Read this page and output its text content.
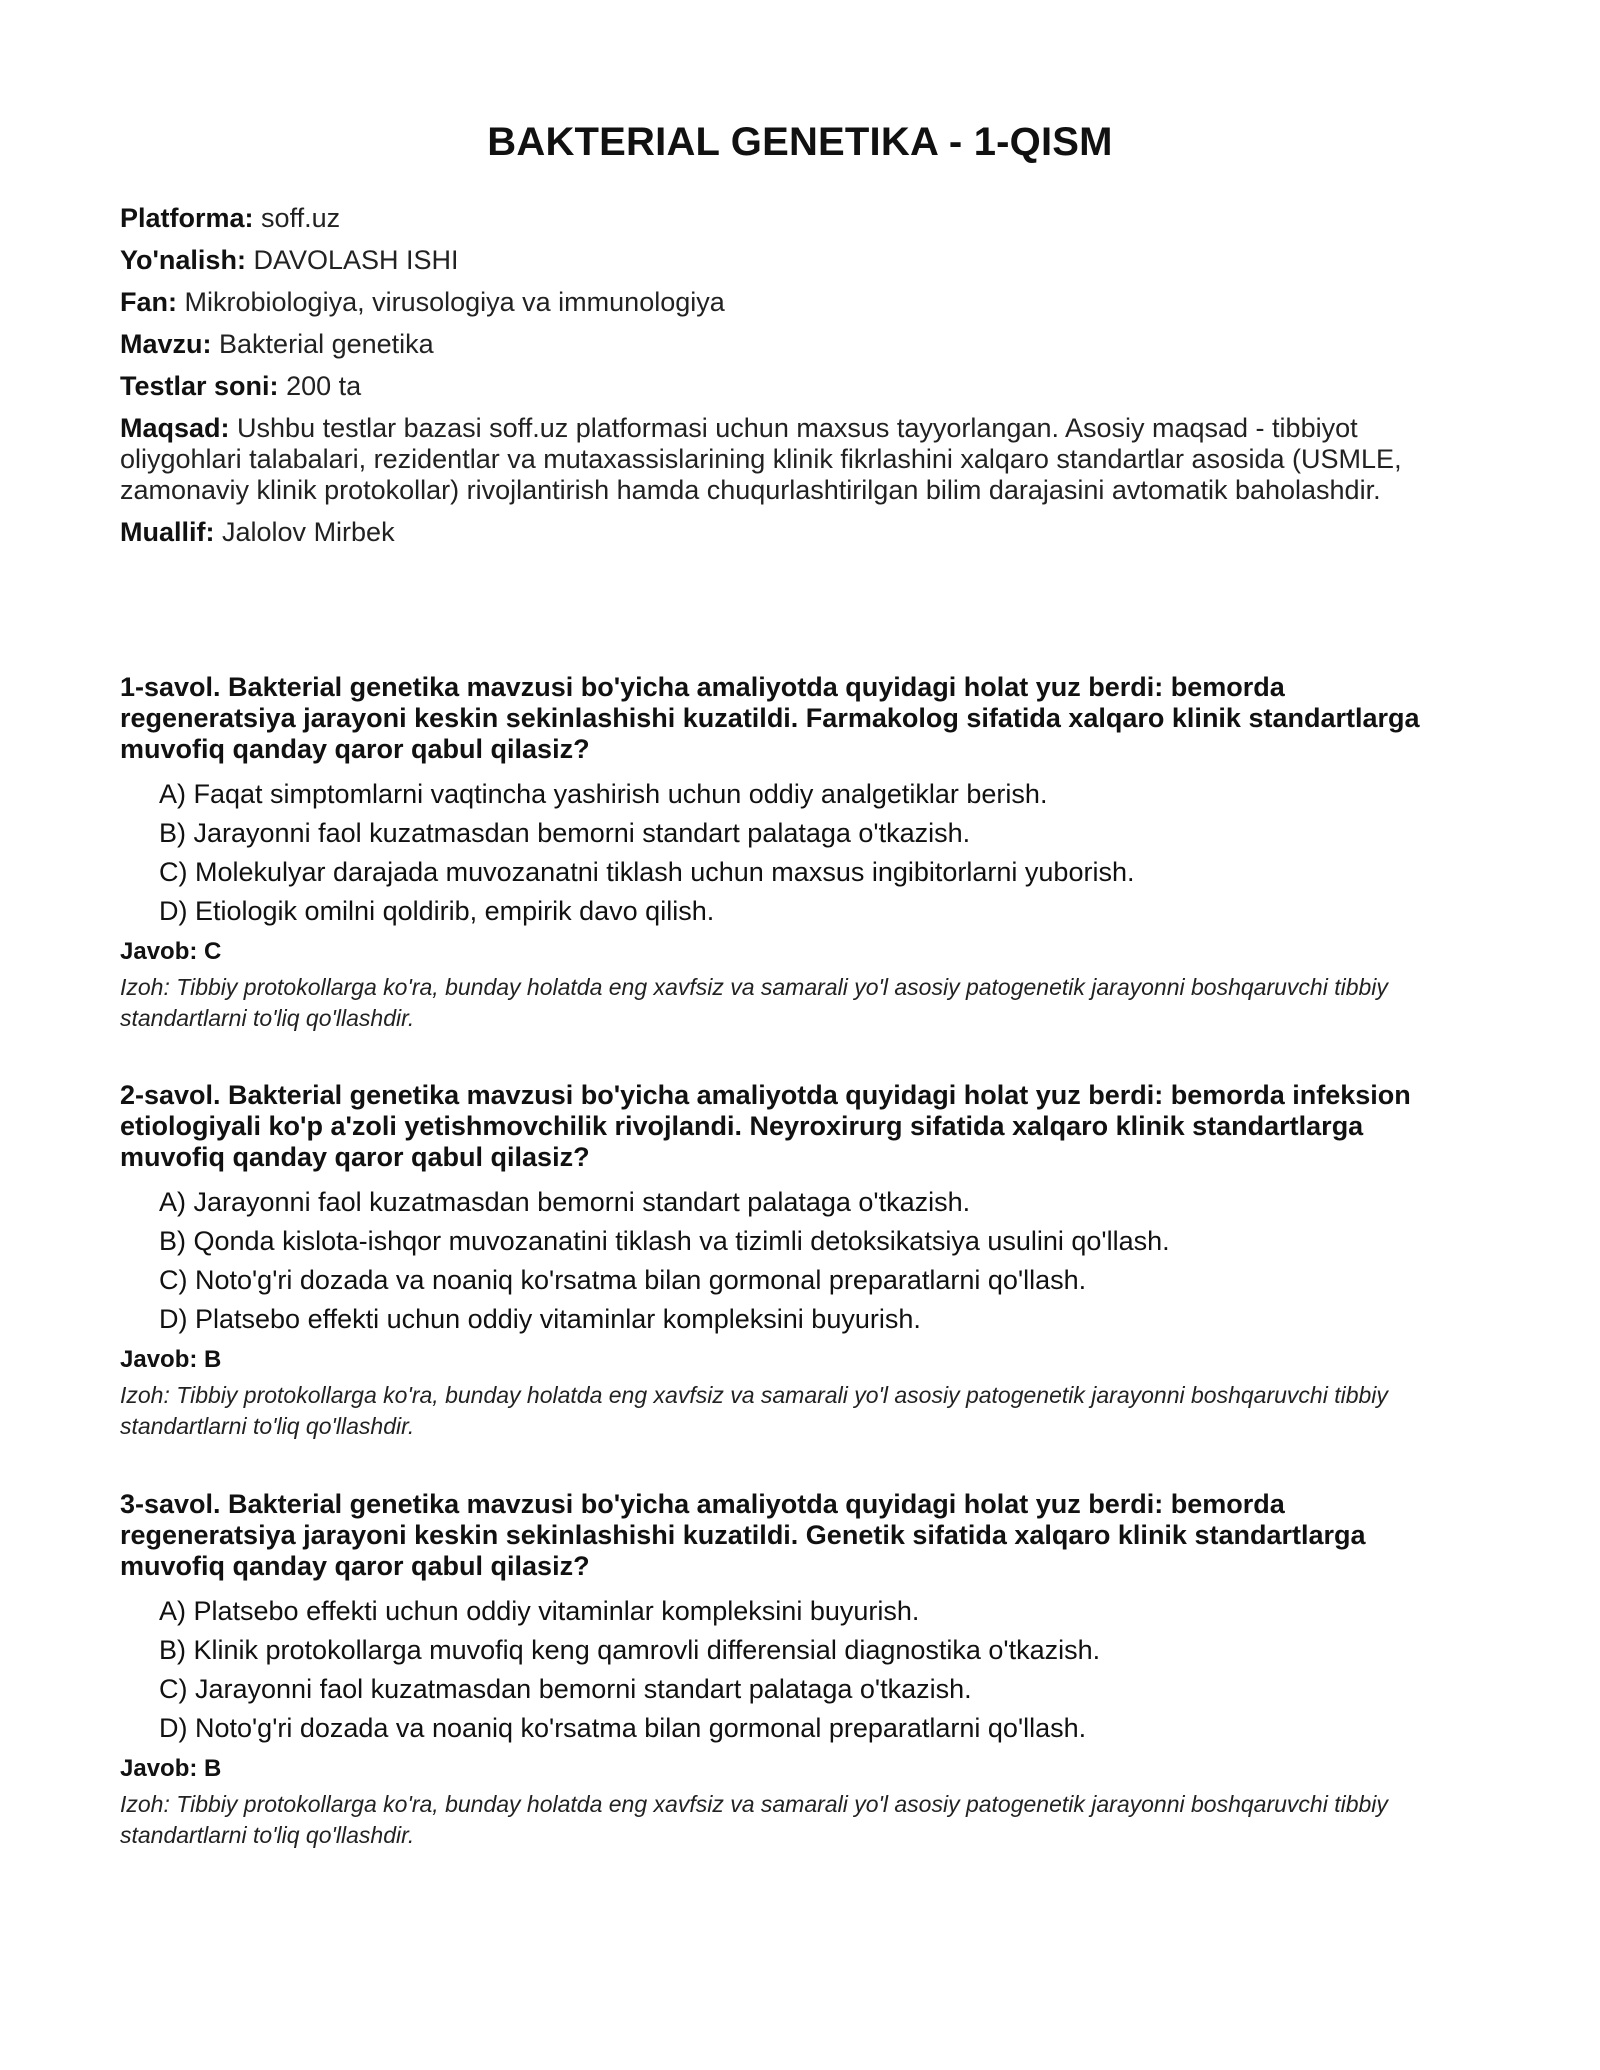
BAKTERIAL GENETIKA - 1-QISM
Platforma: soff.uz
Yo'nalish: DAVOLASH ISHI
Fan: Mikrobiologiya, virusologiya va immunologiya
Mavzu: Bakterial genetika
Testlar soni: 200 ta
Maqsad: Ushbu testlar bazasi soff.uz platformasi uchun maxsus tayyorlangan. Asosiy maqsad - tibbiyot oliygohlari talabalari, rezidentlar va mutaxassislarining klinik fikrlashini xalqaro standartlar asosida (USMLE, zamonaviy klinik protokollar) rivojlantirish hamda chuqurlashtirilgan bilim darajasini avtomatik baholashdir.
Muallif: Jalolov Mirbek

1-savol. Bakterial genetika mavzusi bo'yicha amaliyotda quyidagi holat yuz berdi: bemorda regeneratsiya jarayoni keskin sekinlashishi kuzatildi. Farmakolog sifatida xalqaro klinik standartlarga muvofiq qanday qaror qabul qilasiz?

A) Faqat simptomlarni vaqtincha yashirish uchun oddiy analgetiklar berish.
B) Jarayonni faol kuzatmasdan bemorni standart palataga o'tkazish.
C) Molekulyar darajada muvozanatni tiklash uchun maxsus ingibitorlarni yuborish.
D) Etiologik omilni qoldirib, empirik davo qilish.
Javob: C
Izoh: Tibbiy protokollarga ko'ra, bunday holatda eng xavfsiz va samarali yo'l asosiy patogenetik jarayonni boshqaruvchi tibbiy standartlarni to'liq qo'llashdir.

2-savol. Bakterial genetika mavzusi bo'yicha amaliyotda quyidagi holat yuz berdi: bemorda infeksion etiologiyali ko'p a'zoli yetishmovchilik rivojlandi. Neyroxirurg sifatida xalqaro klinik standartlarga muvofiq qanday qaror qabul qilasiz?

A) Jarayonni faol kuzatmasdan bemorni standart palataga o'tkazish.
B) Qonda kislota-ishqor muvozanatini tiklash va tizimli detoksikatsiya usulini qo'llash.
C) Noto'g'ri dozada va noaniq ko'rsatma bilan gormonal preparatlarni qo'llash.
D) Platsebo effekti uchun oddiy vitaminlar kompleksini buyurish.
Javob: B
Izoh: Tibbiy protokollarga ko'ra, bunday holatda eng xavfsiz va samarali yo'l asosiy patogenetik jarayonni boshqaruvchi tibbiy standartlarni to'liq qo'llashdir.

3-savol. Bakterial genetika mavzusi bo'yicha amaliyotda quyidagi holat yuz berdi: bemorda regeneratsiya jarayoni keskin sekinlashishi kuzatildi. Genetik sifatida xalqaro klinik standartlarga muvofiq qanday qaror qabul qilasiz?

A) Platsebo effekti uchun oddiy vitaminlar kompleksini buyurish.
B) Klinik protokollarga muvofiq keng qamrovli differensial diagnostika o'tkazish.
C) Jarayonni faol kuzatmasdan bemorni standart palataga o'tkazish.
D) Noto'g'ri dozada va noaniq ko'rsatma bilan gormonal preparatlarni qo'llash.
Javob: B
Izoh: Tibbiy protokollarga ko'ra, bunday holatda eng xavfsiz va samarali yo'l asosiy patogenetik jarayonni boshqaruvchi tibbiy standartlarni to'liq qo'llashdir.
